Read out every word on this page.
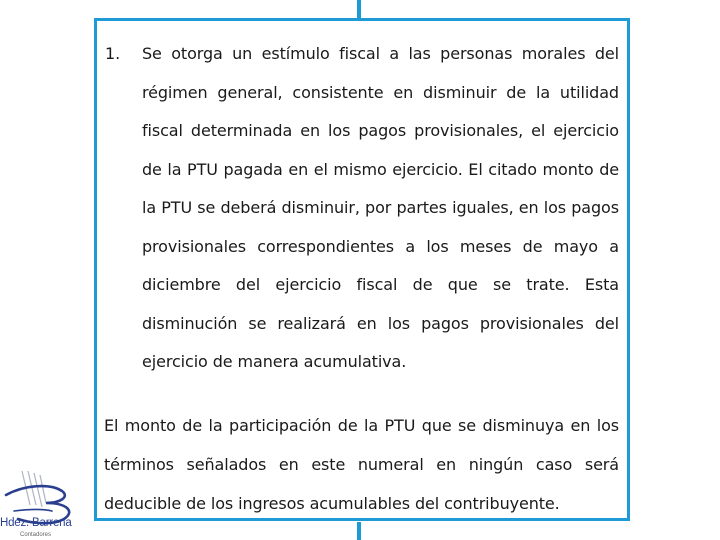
1. Se otorga un estímulo fiscal a las personas morales del régimen general, consistente en disminuir de la utilidad fiscal determinada en los pagos provisionales, el ejercicio de la PTU pagada en el mismo ejercicio. El citado monto de la PTU se deberá disminuir, por partes iguales, en los pagos provisionales correspondientes a los meses de mayo a diciembre del ejercicio fiscal de que se trate. Esta disminución se realizará en los pagos provisionales del ejercicio de manera acumulativa.

El monto de la participación de la PTU que se disminuya en los términos señalados en este numeral en ningún caso será deducible de los ingresos acumulables del contribuyente.

Hdez. Barrena
Contadores
